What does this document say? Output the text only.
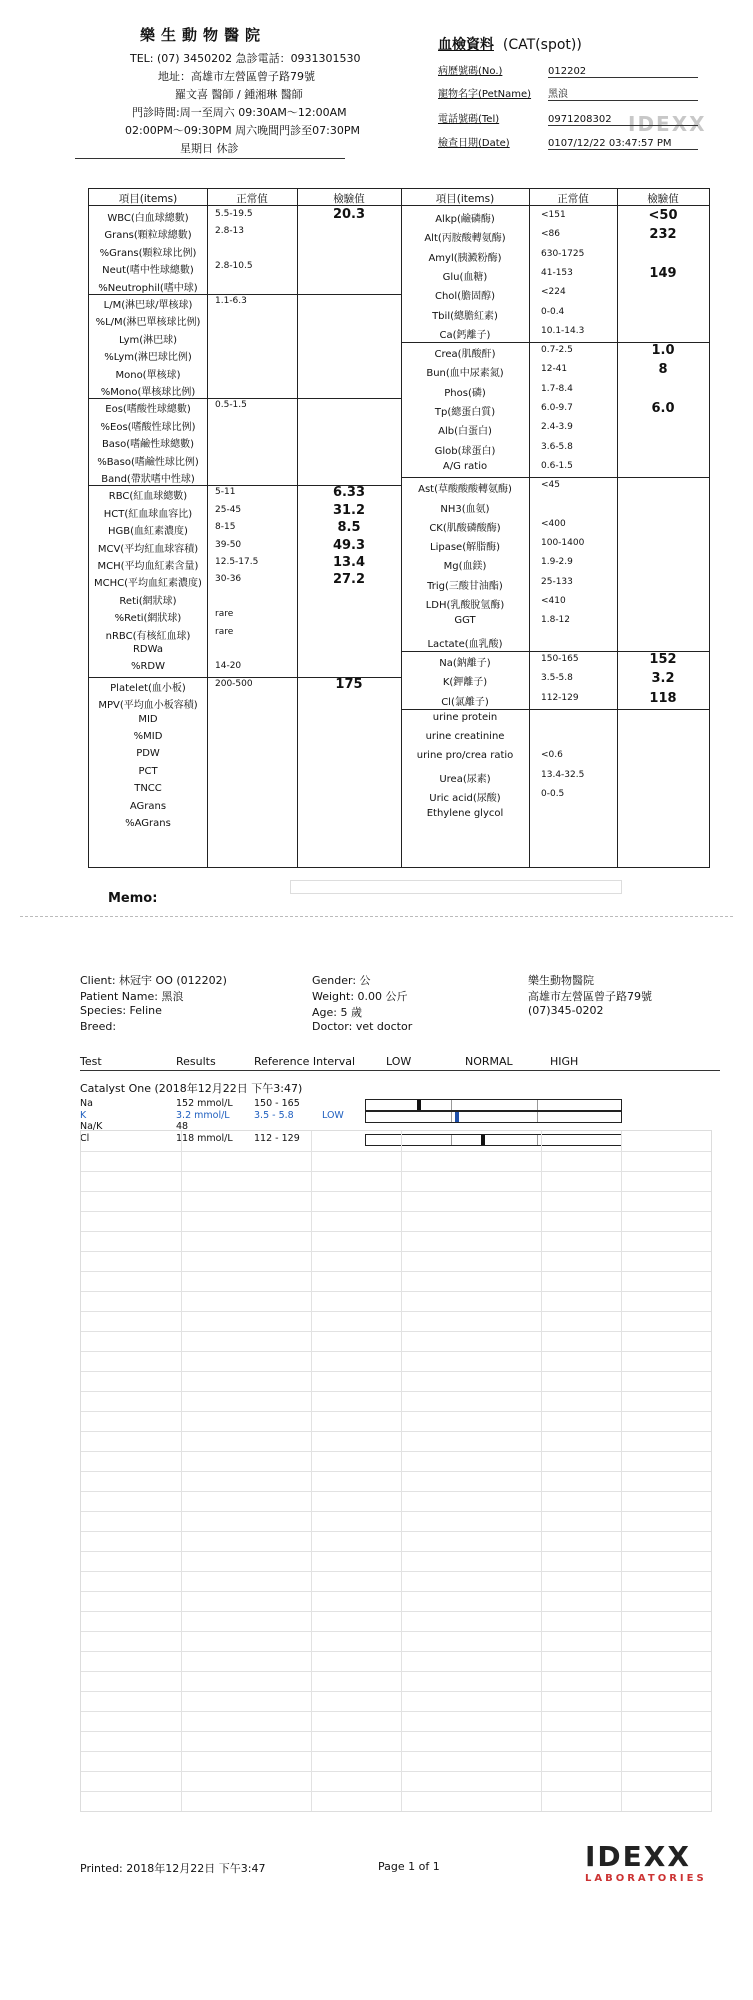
樂生動物醫院
TEL: (07) 3450202 急診電話：0931301530
地址：高雄市左營區曾子路79號
羅文喜 醫師 / 鍾湘琳 醫師
門診時間:周一至周六 09:30AM～12:00AM
02:00PM～09:30PM 周六晚間門診至07:30PM
星期日 休診
IDEXX
血檢資料 (CAT(spot))
病歷號碼(No.)	012202
寵物名字(PetName) 黑浪
電話號碼(Tel)	0971208302
檢查日期(Date)	0107/12/22 03:47:57 PM
項目(items)	正常值	檢驗值	項目(items)	正常值	檢驗值
WBC(白血球總數)	5.5-19.5	20.3
Grans(顆粒球總數)	2.8-13
%Grans(顆粒球比例)
Neut(嗜中性球總數)	2.8-10.5
%Neutrophil(嗜中球)
L/M(淋巴球/單核球)	1.1-6.3
%L/M(淋巴單核球比例)
Lym(淋巴球)
%Lym(淋巴球比例)
Mono(單核球)
%Mono(單核球比例)
Eos(嗜酸性球總數)	0.5-1.5
%Eos(嗜酸性球比例)
Baso(嗜鹼性球總數)
%Baso(嗜鹼性球比例)
Band(帶狀嗜中性球)
RBC(紅血球總數)	5-11	6.33
HCT(紅血球血容比)	25-45	31.2
HGB(血紅素濃度)	8-15	8.5
MCV(平均紅血球容積)	39-50	49.3
MCH(平均血紅素含量)	12.5-17.5	13.4
MCHC(平均血紅素濃度)	30-36	27.2
Reti(網狀球)
%Reti(網狀球)	rare
nRBC(有核紅血球)	rare
RDWa
%RDW	14-20
Platelet(血小板)	200-500	175
MPV(平均血小板容積)
MID
%MID
PDW
PCT
TNCC
AGrans
%AGrans
Alkp(鹼磷酶)	<151	<50
Alt(丙胺酸轉氨酶)	<86	232
Amyl(胰澱粉酶)	630-1725
Glu(血糖)	41-153	149
Chol(膽固醇)	<224
Tbil(總膽紅素)	0-0.4
Ca(鈣離子)	10.1-14.3
Crea(肌酸酐)	0.7-2.5	1.0
Bun(血中尿素氮)	12-41	8
Phos(磷)	1.7-8.4
Tp(總蛋白質)	6.0-9.7	6.0
Alb(白蛋白)	2.4-3.9
Glob(球蛋白)	3.6-5.8
A/G ratio	0.6-1.5
Ast(草酸酸酸轉氨酶)	<45
NH3(血氨)
CK(肌酸磷酸酶)	<400
Lipase(解脂酶)	100-1400
Mg(血鎂)	1.9-2.9
Trig(三酸甘油酯)	25-133
LDH(乳酸脫氫酶)	<410
GGT	1.8-12
Lactate(血乳酸)
Na(鈉離子)	150-165	152
K(鉀離子)	3.5-5.8	3.2
Cl(氯離子)	112-129	118
urine protein
urine creatinine
urine pro/crea ratio	<0.6
Urea(尿素)	13.4-32.5
Uric acid(尿酸)	0-0.5
Ethylene glycol
Memo:
Client: 林冠宇 OO (012202)
Patient Name: 黑浪
Species: Feline
Breed:
Gender: 公
Weight: 0.00 公斤
Age: 5 歲
Doctor: vet doctor
樂生動物醫院
高雄市左營區曾子路79號
(07)345-0202
Test	Results	Reference Interval	LOW	NORMAL	HIGH
Catalyst One (2018年12月22日 下午3:47)
Na	152 mmol/L 150 - 165
K	3.2 mmol/L	3.5 - 5.8	LOW
Na/K	48
Cl	118 mmol/L 112 - 129
Printed: 2018年12月22日 下午3:47	Page 1 of 1	IDEXX
LABORATORIES
